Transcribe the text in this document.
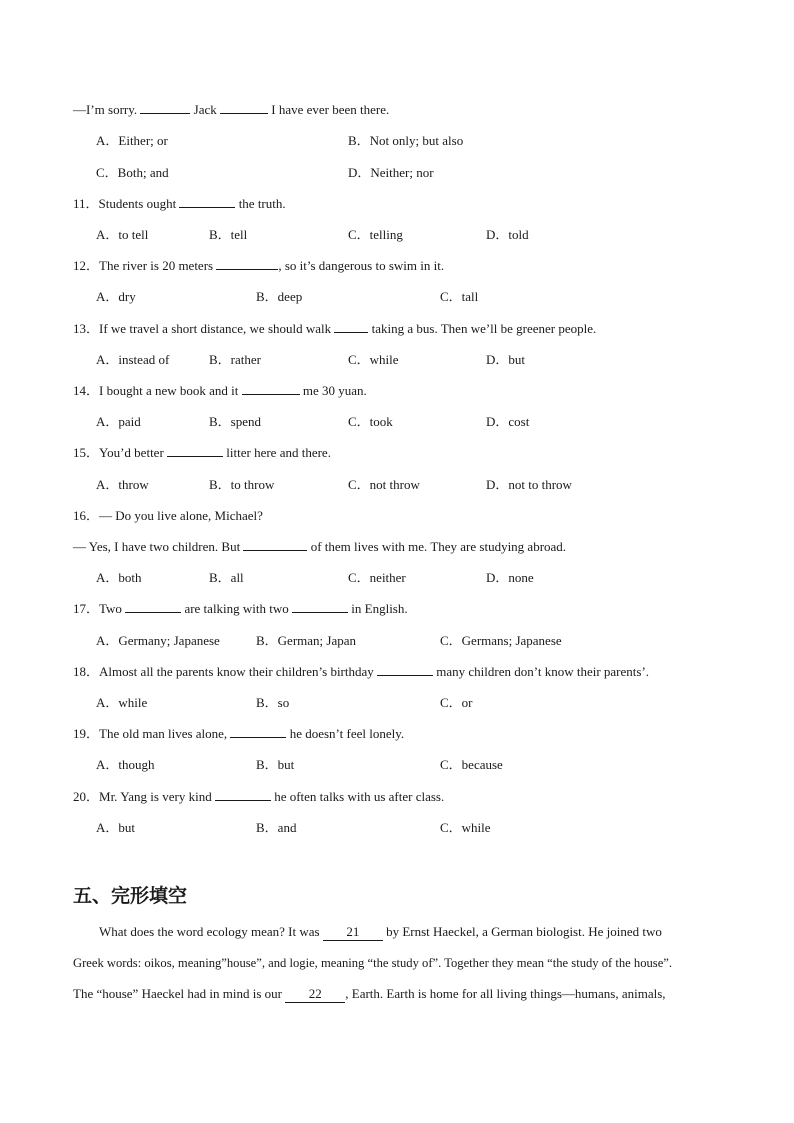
—I’m sorry.	Jack	I have ever been there.
A．Either; or	B．Not only; but also
C．Both; and	D．Neither; nor
11．Students ought	the truth.
A．to tell	B．tell	C．telling	D．told
12．The river is 20 meters	, so it’s dangerous to swim in it.
A．dry	B．deep	C．tall
13．If we travel a short distance, we should walk	taking a bus. Then we’ll be greener people.
A．instead of	B．rather	C．while	D．but
14．I bought a new book and it	me 30 yuan.
A．paid	B．spend	C．took	D．cost
15．You’d better	litter here and there.
A．throw	B．to throw	C．not throw	D．not to throw
16．— Do you live alone, Michael?
— Yes, I have two children. But	of them lives with me. They are studying abroad.
A．both	B．all	C．neither	D．none
17．Two	are talking with two	in English.
A．Germany; Japanese	B．German; Japan	C．Germans; Japanese
18．Almost all the parents know their children’s birthday	many children don’t know their parents’.
A．while	B．so	C．or
19．The old man lives alone,	he doesn’t feel lonely.
A．though	B．but	C．because
20．Mr. Yang is very kind	he often talks with us after class.
A．but	B．and	C．while
五、完形填空
What does the word ecology mean? It was 21 by Ernst Haeckel, a German biologist. He joined two
Greek words: oikos, meaning”house”, and logie, meaning “the study of”. Together they mean “the study of the house”.
The “house” Haeckel had in mind is our 22 , Earth. Earth is home for all living things—humans, animals,
